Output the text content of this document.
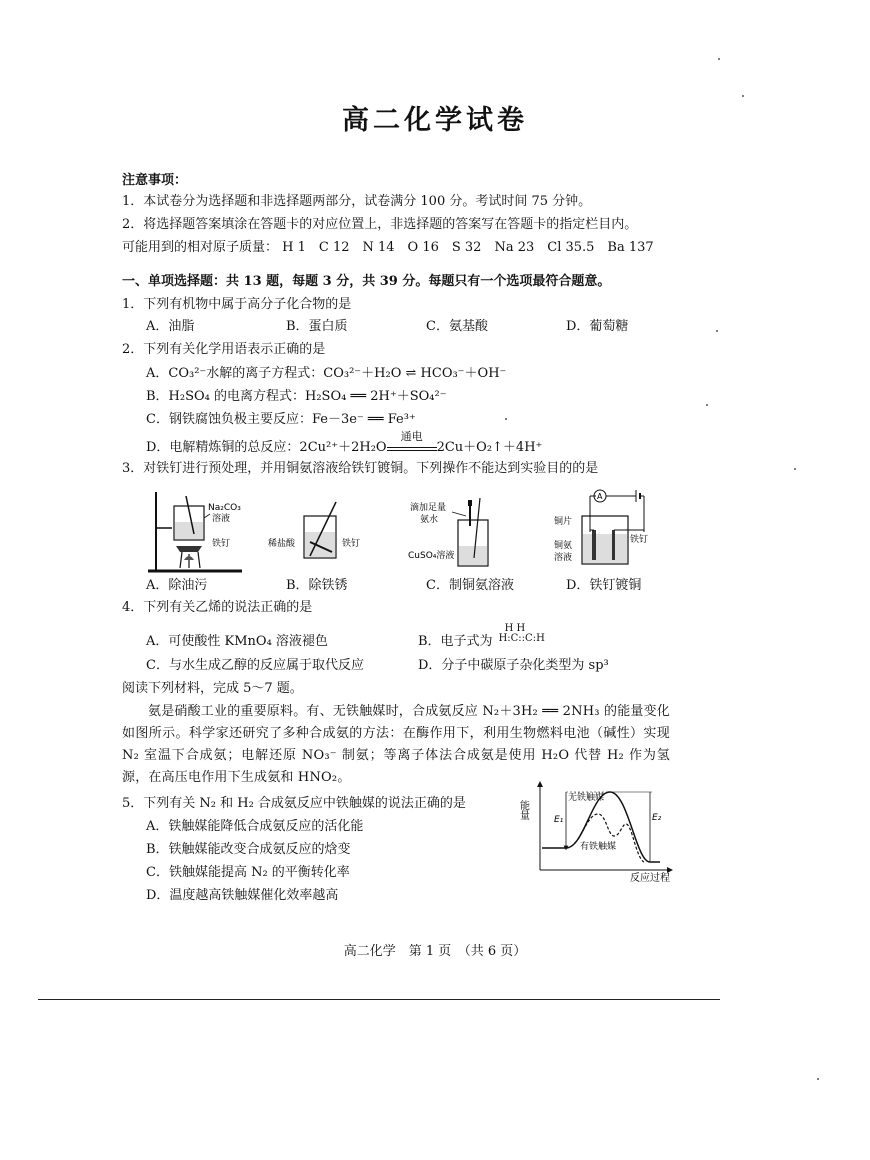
高二化学试卷
注意事项：
1．本试卷分为选择题和非选择题两部分，试卷满分 100 分。考试时间 75 分钟。
2．将选择题答案填涂在答题卡的对应位置上，非选择题的答案写在答题卡的指定栏目内。
可能用到的相对原子质量： H 1　C 12　N 14　O 16　S 32　Na 23　Cl 35.5　Ba 137
一、单项选择题：共 13 题，每题 3 分，共 39 分。每题只有一个选项最符合题意。
1．下列有机物中属于高分子化合物的是
A．油脂	B．蛋白质	C．氨基酸	D．葡萄糖
2．下列有关化学用语表示正确的是
A．CO₃²⁻水解的离子方程式：CO₃²⁻＋H₂O ⇌ HCO₃⁻＋OH⁻
B．H₂SO₄ 的电离方程式：H₂SO₄ ══ 2H⁺＋SO₄²⁻
C．钢铁腐蚀负极主要反应：Fe－3e⁻ ══ Fe³⁺
D．电解精炼铜的总反应：2Cu²⁺＋2H₂O
通电
2Cu＋O₂↑＋4H⁺
3．对铁钉进行预处理，并用铜氨溶液给铁钉镀铜。下列操作不能达到实验目的的是
Na₂CO₃
溶液
铁钉	稀盐酸	铁钉
滴加足量
氨水
CuSO₄溶液
A
铜片
铁钉
铜氨
溶液
A．除油污	B．除铁锈	C．制铜氨溶液	D．铁钉镀铜
4．下列有关乙烯的说法正确的是
A．可使酸性 KMnO₄ 溶液褪色	B．电子式为
H H
H:C::C:H
C．与水生成乙醇的反应属于取代反应	D．分子中碳原子杂化类型为 sp³
阅读下列材料，完成 5～7 题。
氨是硝酸工业的重要原料。有、无铁触媒时，合成氨反应 N₂＋3H₂ ══ 2NH₃ 的能量变化如图所示。科学家还研究了多种合成氨的方法：在酶作用下，利用生物燃料电池（碱性）实现 N₂ 室温下合成氨；电解还原 NO₃⁻ 制氨；等离子体法合成氨是使用 H₂O 代替 H₂ 作为氢源，在高压电作用下生成氨和 HNO₂。
5．下列有关 N₂ 和 H₂ 合成氨反应中铁触媒的说法正确的是
A．铁触媒能降低合成氨反应的活化能
B．铁触媒能改变合成氨反应的焓变
C．铁触媒能提高 N₂ 的平衡转化率
D．温度越高铁触媒催化效率越高
能量	E₁	E₂
无铁触媒
有铁触媒
反应过程
高二化学　第 1 页　（共 6 页）
